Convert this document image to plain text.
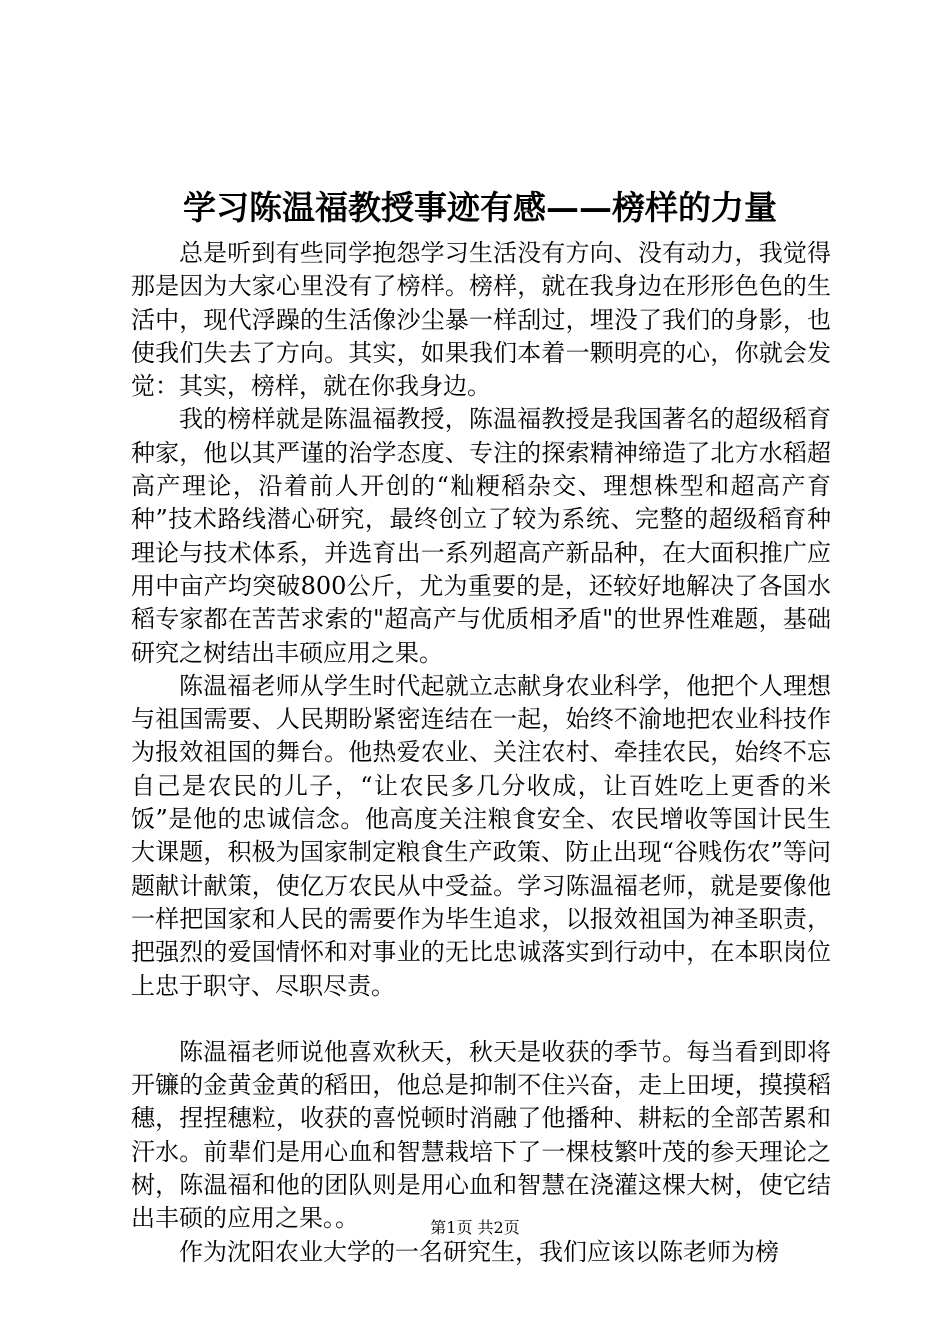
学习陈温福教授事迹有感——榜样的力量

总是听到有些同学抱怨学习生活没有方向、没有动力，我觉得那是因为大家心里没有了榜样。榜样，就在我身边在形形色色的生活中，现代浮躁的生活像沙尘暴一样刮过，埋没了我们的身影，也使我们失去了方向。其实，如果我们本着一颗明亮的心，你就会发觉：其实，榜样，就在你我身边。

我的榜样就是陈温福教授，陈温福教授是我国著名的超级稻育种家，他以其严谨的治学态度、专注的探索精神缔造了北方水稻超高产理论，沿着前人开创的“籼粳稻杂交、理想株型和超高产育种”技术路线潜心研究，最终创立了较为系统、完整的超级稻育种理论与技术体系，并选育出一系列超高产新品种，在大面积推广应用中亩产均突破800公斤，尤为重要的是，还较好地解决了各国水稻专家都在苦苦求索的"超高产与优质相矛盾"的世界性难题，基础研究之树结出丰硕应用之果。

陈温福老师从学生时代起就立志献身农业科学，他把个人理想与祖国需要、人民期盼紧密连结在一起，始终不渝地把农业科技作为报效祖国的舞台。他热爱农业、关注农村、牵挂农民，始终不忘自己是农民的儿子，“让农民多几分收成，让百姓吃上更香的米饭”是他的忠诚信念。他高度关注粮食安全、农民增收等国计民生大课题，积极为国家制定粮食生产政策、防止出现“谷贱伤农”等问题献计献策，使亿万农民从中受益。学习陈温福老师，就是要像他一样把国家和人民的需要作为毕生追求，以报效祖国为神圣职责，把强烈的爱国情怀和对事业的无比忠诚落实到行动中，在本职岗位上忠于职守、尽职尽责。

陈温福老师说他喜欢秋天，秋天是收获的季节。每当看到即将开镰的金黄金黄的稻田，他总是抑制不住兴奋，走上田埂，摸摸稻穗，捏捏穗粒，收获的喜悦顿时消融了他播种、耕耘的全部苦累和汗水。前辈们是用心血和智慧栽培下了一棵枝繁叶茂的参天理论之树，陈温福和他的团队则是用心血和智慧在浇灌这棵大树，使它结出丰硕的应用之果。。

作为沈阳农业大学的一名研究生，我们应该以陈老师为榜

第1页 共2页
